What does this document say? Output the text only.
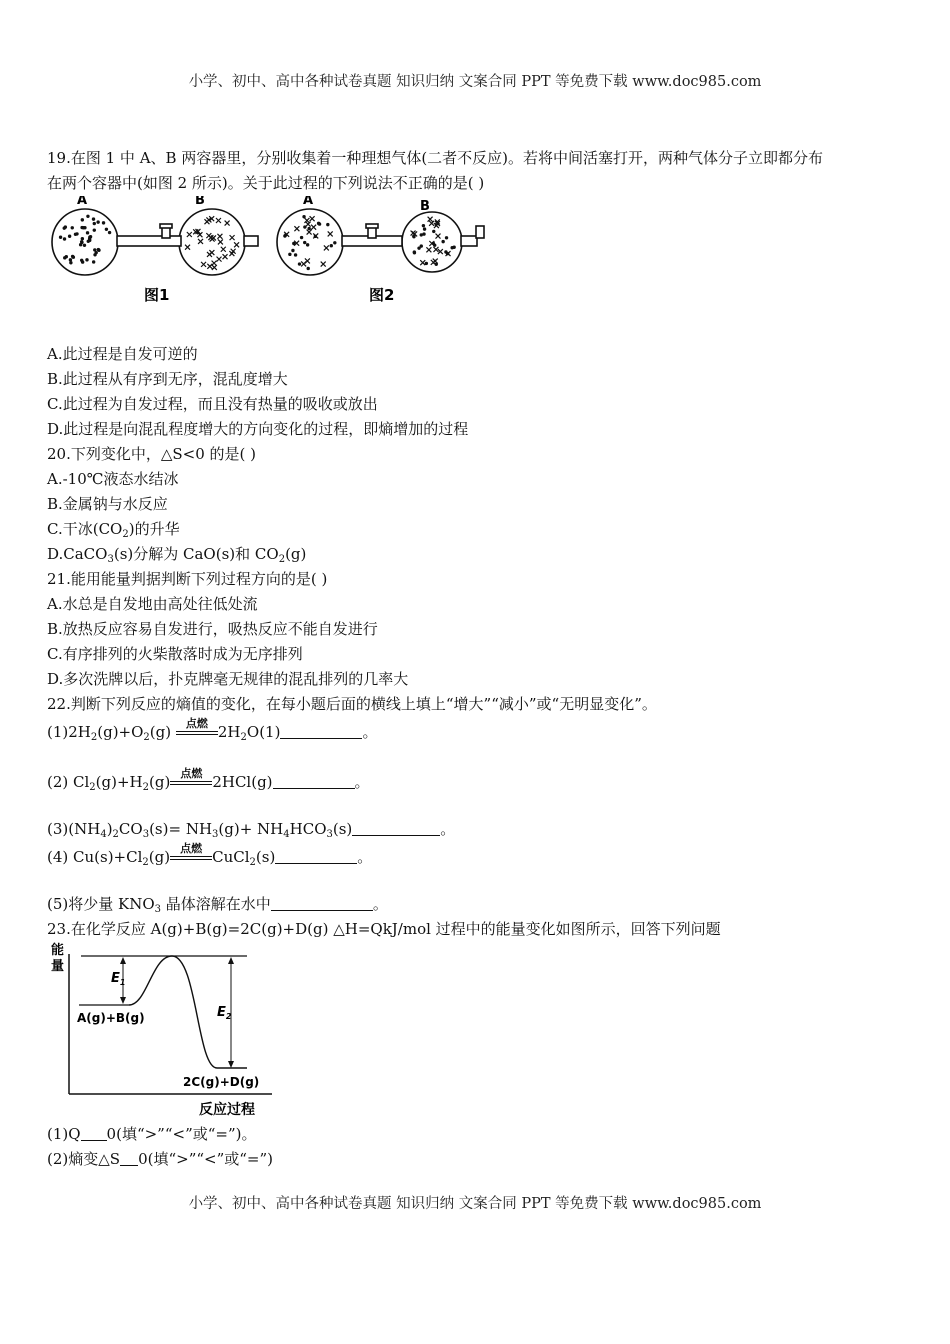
小学、初中、高中各种试卷真题 知识归纳 文案合同 PPT 等免费下载 www.doc985.com
19.在图 1 中 A、B 两容器里，分别收集着一种理想气体(二者不反应)。若将中间活塞打开，两种气体分子立即都分布
在两个容器中(如图 2 所示)。关于此过程的下列说法不正确的是( )
A	B	A	B
图1	图2
A.此过程是自发可逆的
B.此过程从有序到无序，混乱度增大
C.此过程为自发过程，而且没有热量的吸收或放出
D.此过程是向混乱程度增大的方向变化的过程，即熵增加的过程
20.下列变化中，△S<0 的是( )
A.-10℃液态水结冰
B.金属钠与水反应
C.干冰$(CO_2)$的升华
D.CaCO$_3$(s)分解为 CaO(s)和 $CO_2(g)$
21.能用能量判据判断下列过程方向的是( )
A.水总是自发地由高处往低处流
B.放热反应容易自发进行，吸热反应不能自发进行
C.有序排列的火柴散落时成为无序排列
D.多次洗牌以后，扑克牌毫无规律的混乱排列的几率大
22.判断下列反应的熵值的变化，在每小题后面的横线上填上“增大”“减小”或“无明显变化”。
$(1)2H_2(g)+O_2(g)$	点燃 $2H_2O(1)$	。
(2) $Cl_2(g)+H_2(g)$ 点燃 2HCl(g)	。
$(3)(NH_4)_2CO_3(s)= NH_3(g)+ NH_4HCO_3(s)$	。
(4) $Cu(s)+Cl_2(g)$ 点燃 CuCl$_2$(s)	。
(5)将少量 $KNO_3$ 晶体溶解在水中	。
23.在化学反应 A(g)+B(g)=2C(g)+D(g) △H=QkJ/mol 过程中的能量变化如图所示，回答下列问题
能
量
$E_1$
$E_2$
A(g)+B(g)
2C(g)+D(g)
反应过程
(1)Q 0(填“>”“<”或“=”)。
(2)熵变△S 0(填“>”“<”或“=”)
小学、初中、高中各种试卷真题 知识归纳 文案合同 PPT 等免费下载 www.doc985.com
